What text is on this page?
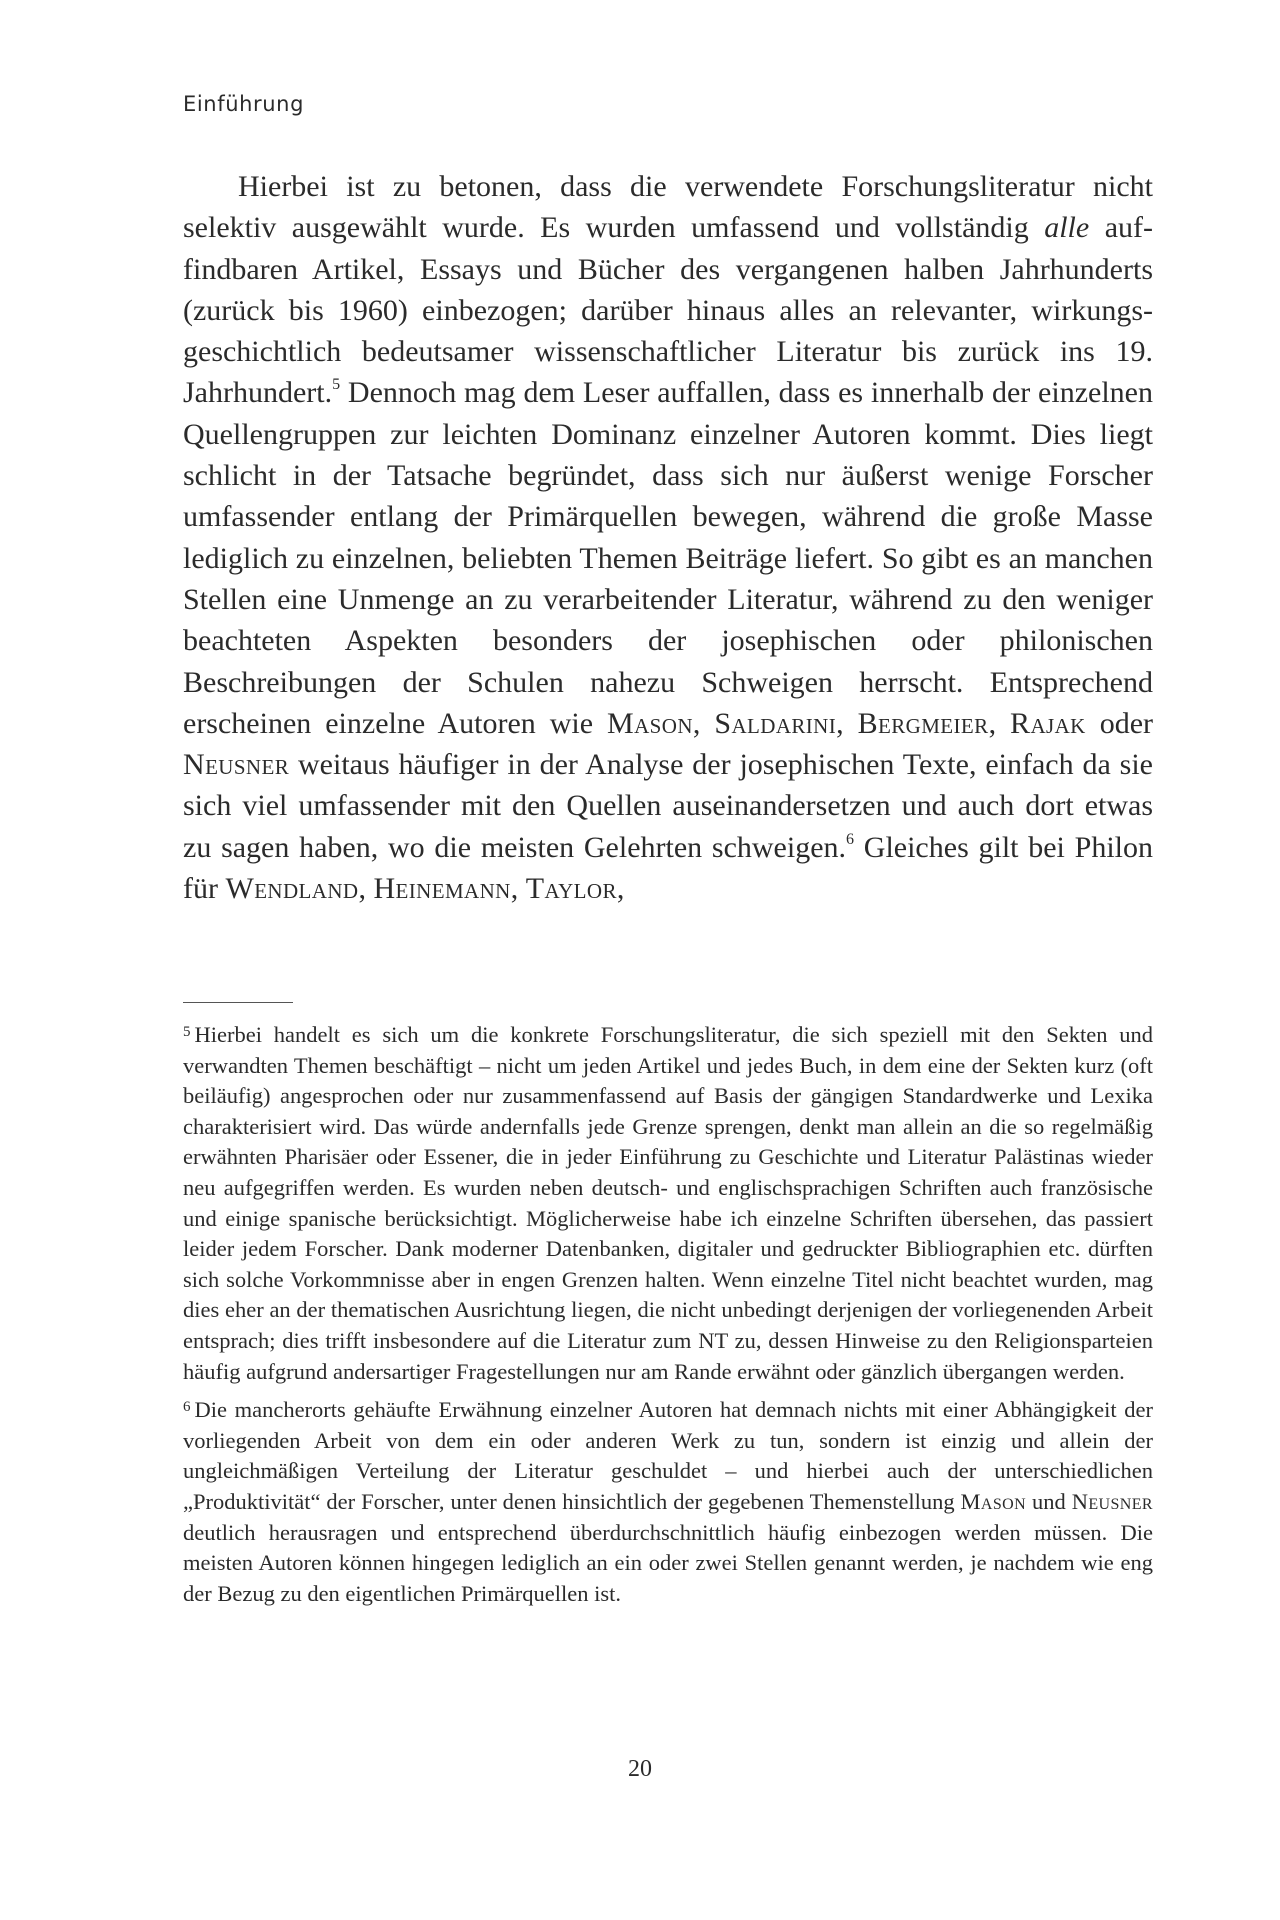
Einführung

Hierbei ist zu betonen, dass die verwendete Forschungsliteratur nicht selektiv ausgewählt wurde. Es wurden umfassend und vollständig alle auffindbaren Artikel, Essays und Bücher des vergangenen halben Jahrhunderts (zurück bis 1960) einbezogen; darüber hinaus alles an relevanter, wirkungsgeschichtlich bedeutsamer wissenschaftlicher Literatur bis zurück ins 19. Jahrhundert.$^5$ Dennoch mag dem Leser auffallen, dass es innerhalb der einzelnen Quellengruppen zur leichten Dominanz einzelner Autoren kommt. Dies liegt schlicht in der Tatsache begründet, dass sich nur äußerst wenige Forscher umfassender entlang der Primärquellen bewegen, während die große Masse lediglich zu einzelnen, beliebten Themen Beiträge liefert. So gibt es an manchen Stellen eine Unmenge an zu verarbeitender Literatur, während zu den weniger beachteten Aspekten besonders der josephischen oder philonischen Beschreibungen der Schulen nahezu Schweigen herrscht. Entsprechend erscheinen einzelne Autoren wie Mason, Saldarini, Bergmeier, Rajak oder Neusner weitaus häufiger in der Analyse der josephischen Texte, einfach da sie sich viel umfassender mit den Quellen auseinandersetzen und auch dort etwas zu sagen haben, wo die meisten Gelehrten schweigen.$^6$ Gleiches gilt bei Philon für Wendland, Heinemann, Taylor,

$^5$ Hierbei handelt es sich um die konkrete Forschungsliteratur, die sich speziell mit den Sekten und verwandten Themen beschäftigt – nicht um jeden Artikel und jedes Buch, in dem eine der Sekten kurz (oft beiläufig) angesprochen oder nur zusammenfassend auf Basis der gängigen Standardwerke und Lexika charakterisiert wird. Das würde andernfalls jede Grenze sprengen, denkt man allein an die so regelmäßig erwähnten Pharisäer oder Essener, die in jeder Einführung zu Geschichte und Literatur Palästinas wieder neu aufgegriffen werden. Es wurden neben deutsch- und englischsprachigen Schriften auch französische und einige spanische berücksichtigt. Möglicherweise habe ich einzelne Schriften übersehen, das passiert leider jedem Forscher. Dank moderner Datenbanken, digitaler und gedruckter Bibliographien etc. dürften sich solche Vorkommnisse aber in engen Grenzen halten. Wenn einzelne Titel nicht beachtet wurden, mag dies eher an der thematischen Ausrichtung liegen, die nicht unbedingt derjenigen der vorliegenenden Arbeit entsprach; dies trifft insbesondere auf die Literatur zum NT zu, dessen Hinweise zu den Religionsparteien häufig aufgrund andersartiger Fragestellungen nur am Rande erwähnt oder gänzlich übergangen werden.

$^6$ Die mancherorts gehäufte Erwähnung einzelner Autoren hat demnach nichts mit einer Abhängigkeit der vorliegenden Arbeit von dem ein oder anderen Werk zu tun, sondern ist einzig und allein der ungleichmäßigen Verteilung der Literatur geschuldet – und hierbei auch der unterschiedlichen „Produktivität“ der Forscher, unter denen hinsichtlich der gegebenen Themenstellung Mason und Neusner deutlich herausragen und entsprechend überdurchschnittlich häufig einbezogen werden müssen. Die meisten Autoren können hingegen lediglich an ein oder zwei Stellen genannt werden, je nachdem wie eng der Bezug zu den eigentlichen Primärquellen ist.

20
